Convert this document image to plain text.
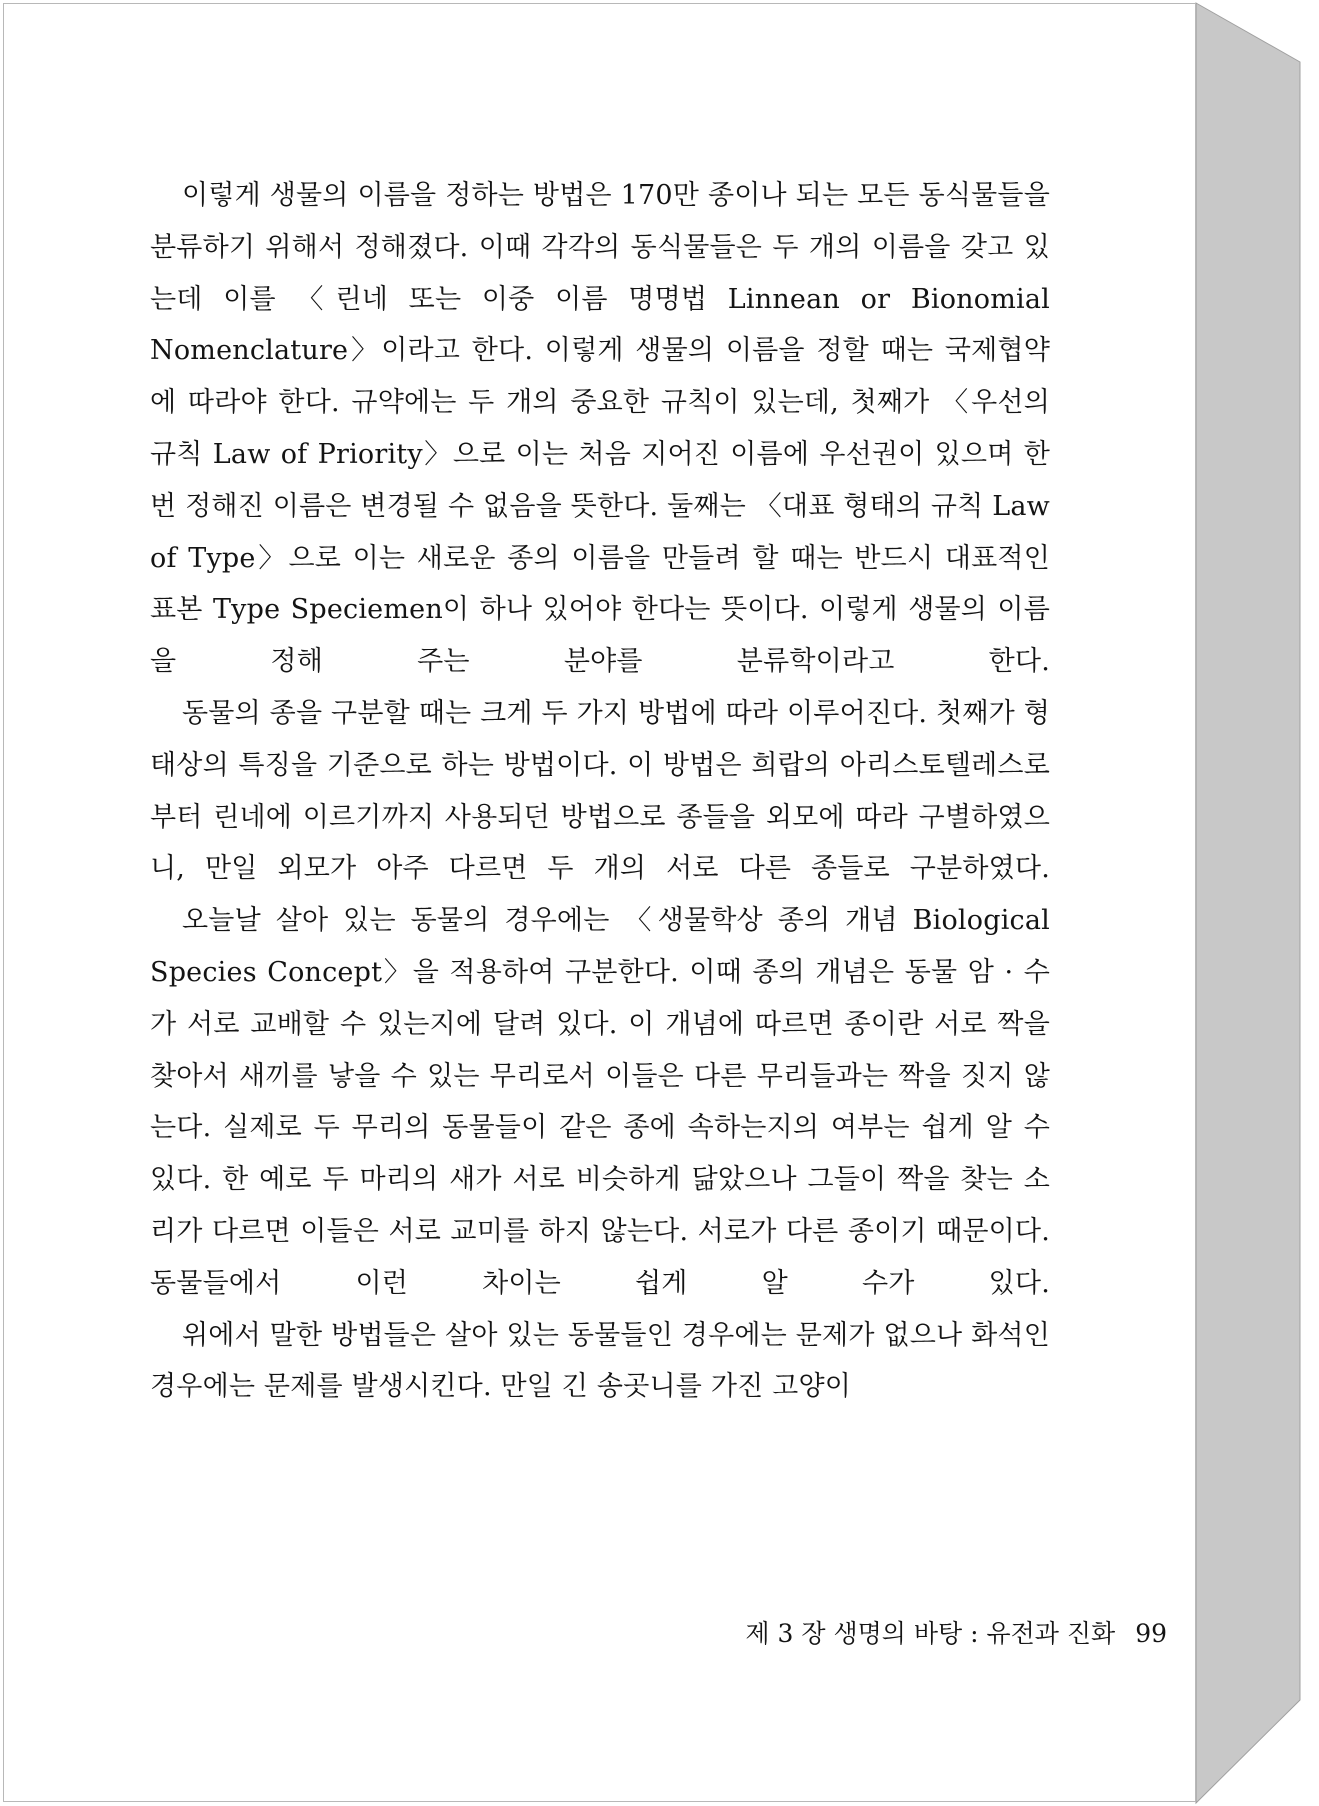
이렇게 생물의 이름을 정하는 방법은 170만 종이나 되는 모든 동식물들을 분류하기 위해서 정해졌다. 이때 각각의 동식물들은 두 개의 이름을 갖고 있는데 이를 〈린네 또는 이중 이름 명명법 Linnean or Bionomial Nomenclature〉이라고 한다. 이렇게 생물의 이름을 정할 때는 국제협약에 따라야 한다. 규약에는 두 개의 중요한 규칙이 있는데, 첫째가 〈우선의 규칙 Law of Priority〉으로 이는 처음 지어진 이름에 우선권이 있으며 한번 정해진 이름은 변경될 수 없음을 뜻한다. 둘째는 〈대표 형태의 규칙 Law of Type〉으로 이는 새로운 종의 이름을 만들려 할 때는 반드시 대표적인 표본 Type Speciemen이 하나 있어야 한다는 뜻이다. 이렇게 생물의 이름을 정해 주는 분야를 분류학이라고 한다.

동물의 종을 구분할 때는 크게 두 가지 방법에 따라 이루어진다. 첫째가 형태상의 특징을 기준으로 하는 방법이다. 이 방법은 희랍의 아리스토텔레스로부터 린네에 이르기까지 사용되던 방법으로 종들을 외모에 따라 구별하였으니, 만일 외모가 아주 다르면 두 개의 서로 다른 종들로 구분하였다.

오늘날 살아 있는 동물의 경우에는 〈생물학상 종의 개념 Biological Species Concept〉을 적용하여 구분한다. 이때 종의 개념은 동물 암 · 수가 서로 교배할 수 있는지에 달려 있다. 이 개념에 따르면 종이란 서로 짝을 찾아서 새끼를 낳을 수 있는 무리로서 이들은 다른 무리들과는 짝을 짓지 않는다. 실제로 두 무리의 동물들이 같은 종에 속하는지의 여부는 쉽게 알 수 있다. 한 예로 두 마리의 새가 서로 비슷하게 닮았으나 그들이 짝을 찾는 소리가 다르면 이들은 서로 교미를 하지 않는다. 서로가 다른 종이기 때문이다. 동물들에서 이런 차이는 쉽게 알 수가 있다.

위에서 말한 방법들은 살아 있는 동물들인 경우에는 문제가 없으나 화석인 경우에는 문제를 발생시킨다. 만일 긴 송곳니를 가진 고양이

제 3 장 생명의 바탕 : 유전과 진화 99
